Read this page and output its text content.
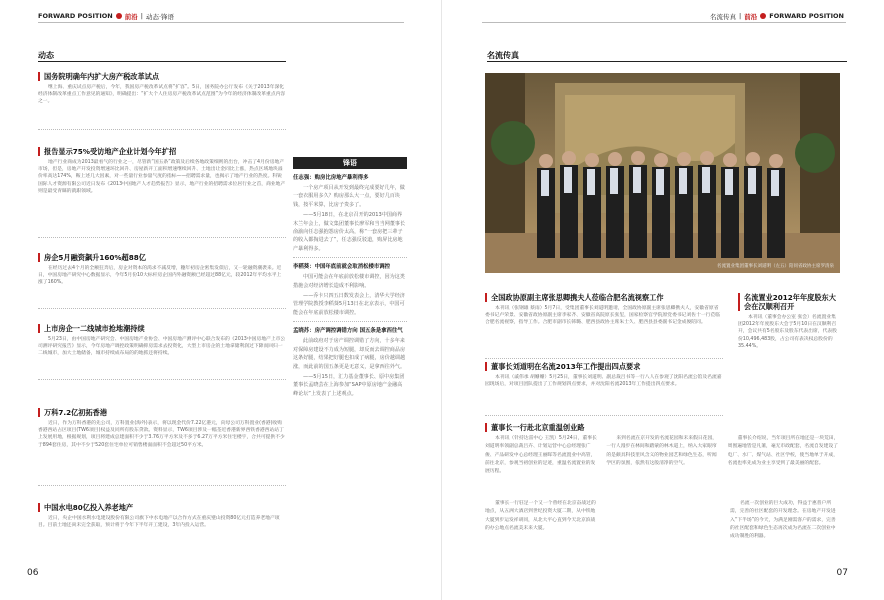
FORWARD POSITION 前沿 | 动态·锋语
动态
国务院明确年内扩大房产税改革试点

继上海、重庆试点房产税后，今年，我国房产税改革试点将“扩容”。5日，国务院办公厅发布《关于2013年深化经济体制改革重点工作意见的通知》，明确提出：“扩大个人住房房产税改革试点范围”为今年的经济体制改革重点内容之一。

报告显示75%受访地产企业计划今年扩招

地产行业商成为2013最看气的行业之一，尽管新“国五条”政策及后续各地政策细则的出台，冲击了4月份房地产市场，但是，房地产开发投资增速环比回升、房屋新开工面积增速继续回升、土地出让金同比上涨，热点区域地块溢价率高达174%，鞍上述几大因素，对一些量行业参量气度的指标——招聘需求量，也揭示了地产行业的热度。科锐国际人才资源有限公司近日发布《2013中国地产人才趋势报告》显示，地产行业的招聘需求位居行业之首，商业地产则是最受青睐的就职领域。

房企5月融资飙升160%超88亿

在经历过去4个月的全额狂奔后，房企对资本的渴求不减反增，穗年初房企密集发债后，又一轮融资潮袭来。近日，中国房地产研究中心数据显示，今年5月份10大标杆房企国内外融资额已经超过88亿元，较2012年平均水平上涨了160%。

上市房企一二线城市抢地潮持续

5月23日，由中国房地产研究会、中国房地产业协会、中国房地产测评中心联合发布的《2013中国房地产上市公司测评研究报告》显示，今年房地产调控政策明确抑房需求去投资化，大型上市房企的土地拿储利润过下降而回归一二线城市，加大土地储备，城市持续成布局的的地抓还将持续。

万科7.2亿初拓香港

近日，作为万科香港的先公司，万科置业(海外)表示，将以现金代价7.22亿港元，向母公司万科置业(香港)收购香港西站占区项目(TW6项目)权益及同所有股东贷款。资料显示，TW6项目涉及一幅荃近香港新界西铁香港西站站丁上发展用地，根据规划，项目将建成总建面积不少于3.76万平方米及不多于6.27万平方米住宅楼宇，合共可提供不少于894套住房，其中不少于520套住宅单位可销售楼面面积不会超过50平方米。

中国水电80亿投入养老地产

近日，央企中国水利水电建设股份有限公司旗下中水电地产以合作方式在重庆璧山投资80亿元打造养老地产项目。目前土地还尚未完全获取，预计将于今年下半年开工建设，3年内投入运营。

锋语
任志强：购房比房地产暴利得多

一个房产项目从开发到最终完成要好几年，做一套衣服用多久？购房那么大一点，要好几百块钱，按平米算，比房子贵多了。

——5月18日，在北京召开的2013中国商界木兰年会上，做文集团董事长廖军和当当网董事长俞渝向任志强抱怨房价太高，称“一套房把三辈子的收入都掏进去了”，任志强反驳道，购屏比房地产暴利得多。

李稻葵：中国年底前就会取消松楼市调控

中国可能会在年底前放松楼市调控，因为这类措施会对经济增长造成不利影响。

——乔卡只四五日数发表会上，清华大学经济管理学院教授李稻葵5月13日在北京表示，中国可能会在年底前放松楼市调控。

孟晓苏：房产调控调错方向 国五条是拿西往气

此前政府对于房产调控调错了方向，十多年来对保障房建设不力成为短腿，却反而去调控商品房这条好腿，结果把好腿也扣成了病腿，房价越调越涨，而此前的国五条更是无意义，是拿西往外气。

——5月15日，汇力基金董事长、原中房集团董事长孟晓芸在上海参加“SAP中原房地产金融高峰论坛”上发表了上述观点。

06
名流传真 | 前沿 FORWARD POSITION
名流传真
07
名流置业集团董事长刘道明（左五）陪同省政协主席罗清泉
全国政协原副主席张思卿携夫人莅临合肥名流视察工作

本刊讯（张钢雄 蔡雨）5月7日，受集团董事长刘道明邀请，全国政协原副主席张思卿携夫人，安徽省原省委书记卢荣景、安徽省政协原副主席李家齐、安徽省高院原长张玺，国家检察官学院原党委书记刘佐十一行莅临合肥名流视察，指导工作。合肥市副市长韩璐、肥西县政协主席朱士久、肥西县县委副书记金成俊陪同。

董事长刘道明在名流2013年工作提出四点要求

本刊讯（戚伟承 胡姗姗）5月25日，董事长刘道明、副总裁吕书等一行八人在参观了沈阳名流公馆及名流嘉园现场后，对项目团队提出了工作规划四点要求，并对沈阳名流2013年工作提出四点要求。

名流置业2012年年度股东大会在汉顺利召开

本刊讯（董事会办公室 张会）名流置业集团2012年年度股东大会于5月10日在汉顺利召开，会议共有5名股东及股东代表出席，代表股份10,496,483股，占公司有表决权总股份的35.44%。

董事长一行赴北京重温创业路

本刊讯（针持达雷中心 王凯）5月24日，董事长刘道明率领副总裁吕卉、计划运营中心总经理张广俊、产品研发中心总经理王丽晖等名流置业中高管，前往北京，参观当初创业的足迹，重温名流置业的发展历程。

来到名流在京开发的名流花园和未来假日花园，一行人漫步在林间和踏蒙的林木道上，纳入大家眼帘的是颇具科技里风含义的物业园艺和绿色生态，听闻学区的氛围，依然有这般清净的空气。

董事长介绍说，当年项目所在地还是一块荒田，周围遍地皆是凡萋，毫无市政配套，名流自发建设了电厂、水厂、煤气站、社区学校，使当地单于开成，名流也率先成为业主享受到了最美丽的配套。

董事长一行驻足一个又一个曾经在北京奋战过的地点，从五洲大酒店到世纪投资大厦二期，从中铁地大厦到步运发祥胡同，从北大平心直到今天北京滨战的办公地点名流美未来大厦。
名流一次创业的巨大成功，得益于惠普户所需，完善的社区配套的开发理念。在房地产开发进入“下半场”的今天，为满足刚需客户的需求，完善的社区配套和绿色生态再次成为名流在二次创业中成功制胜的利器。
